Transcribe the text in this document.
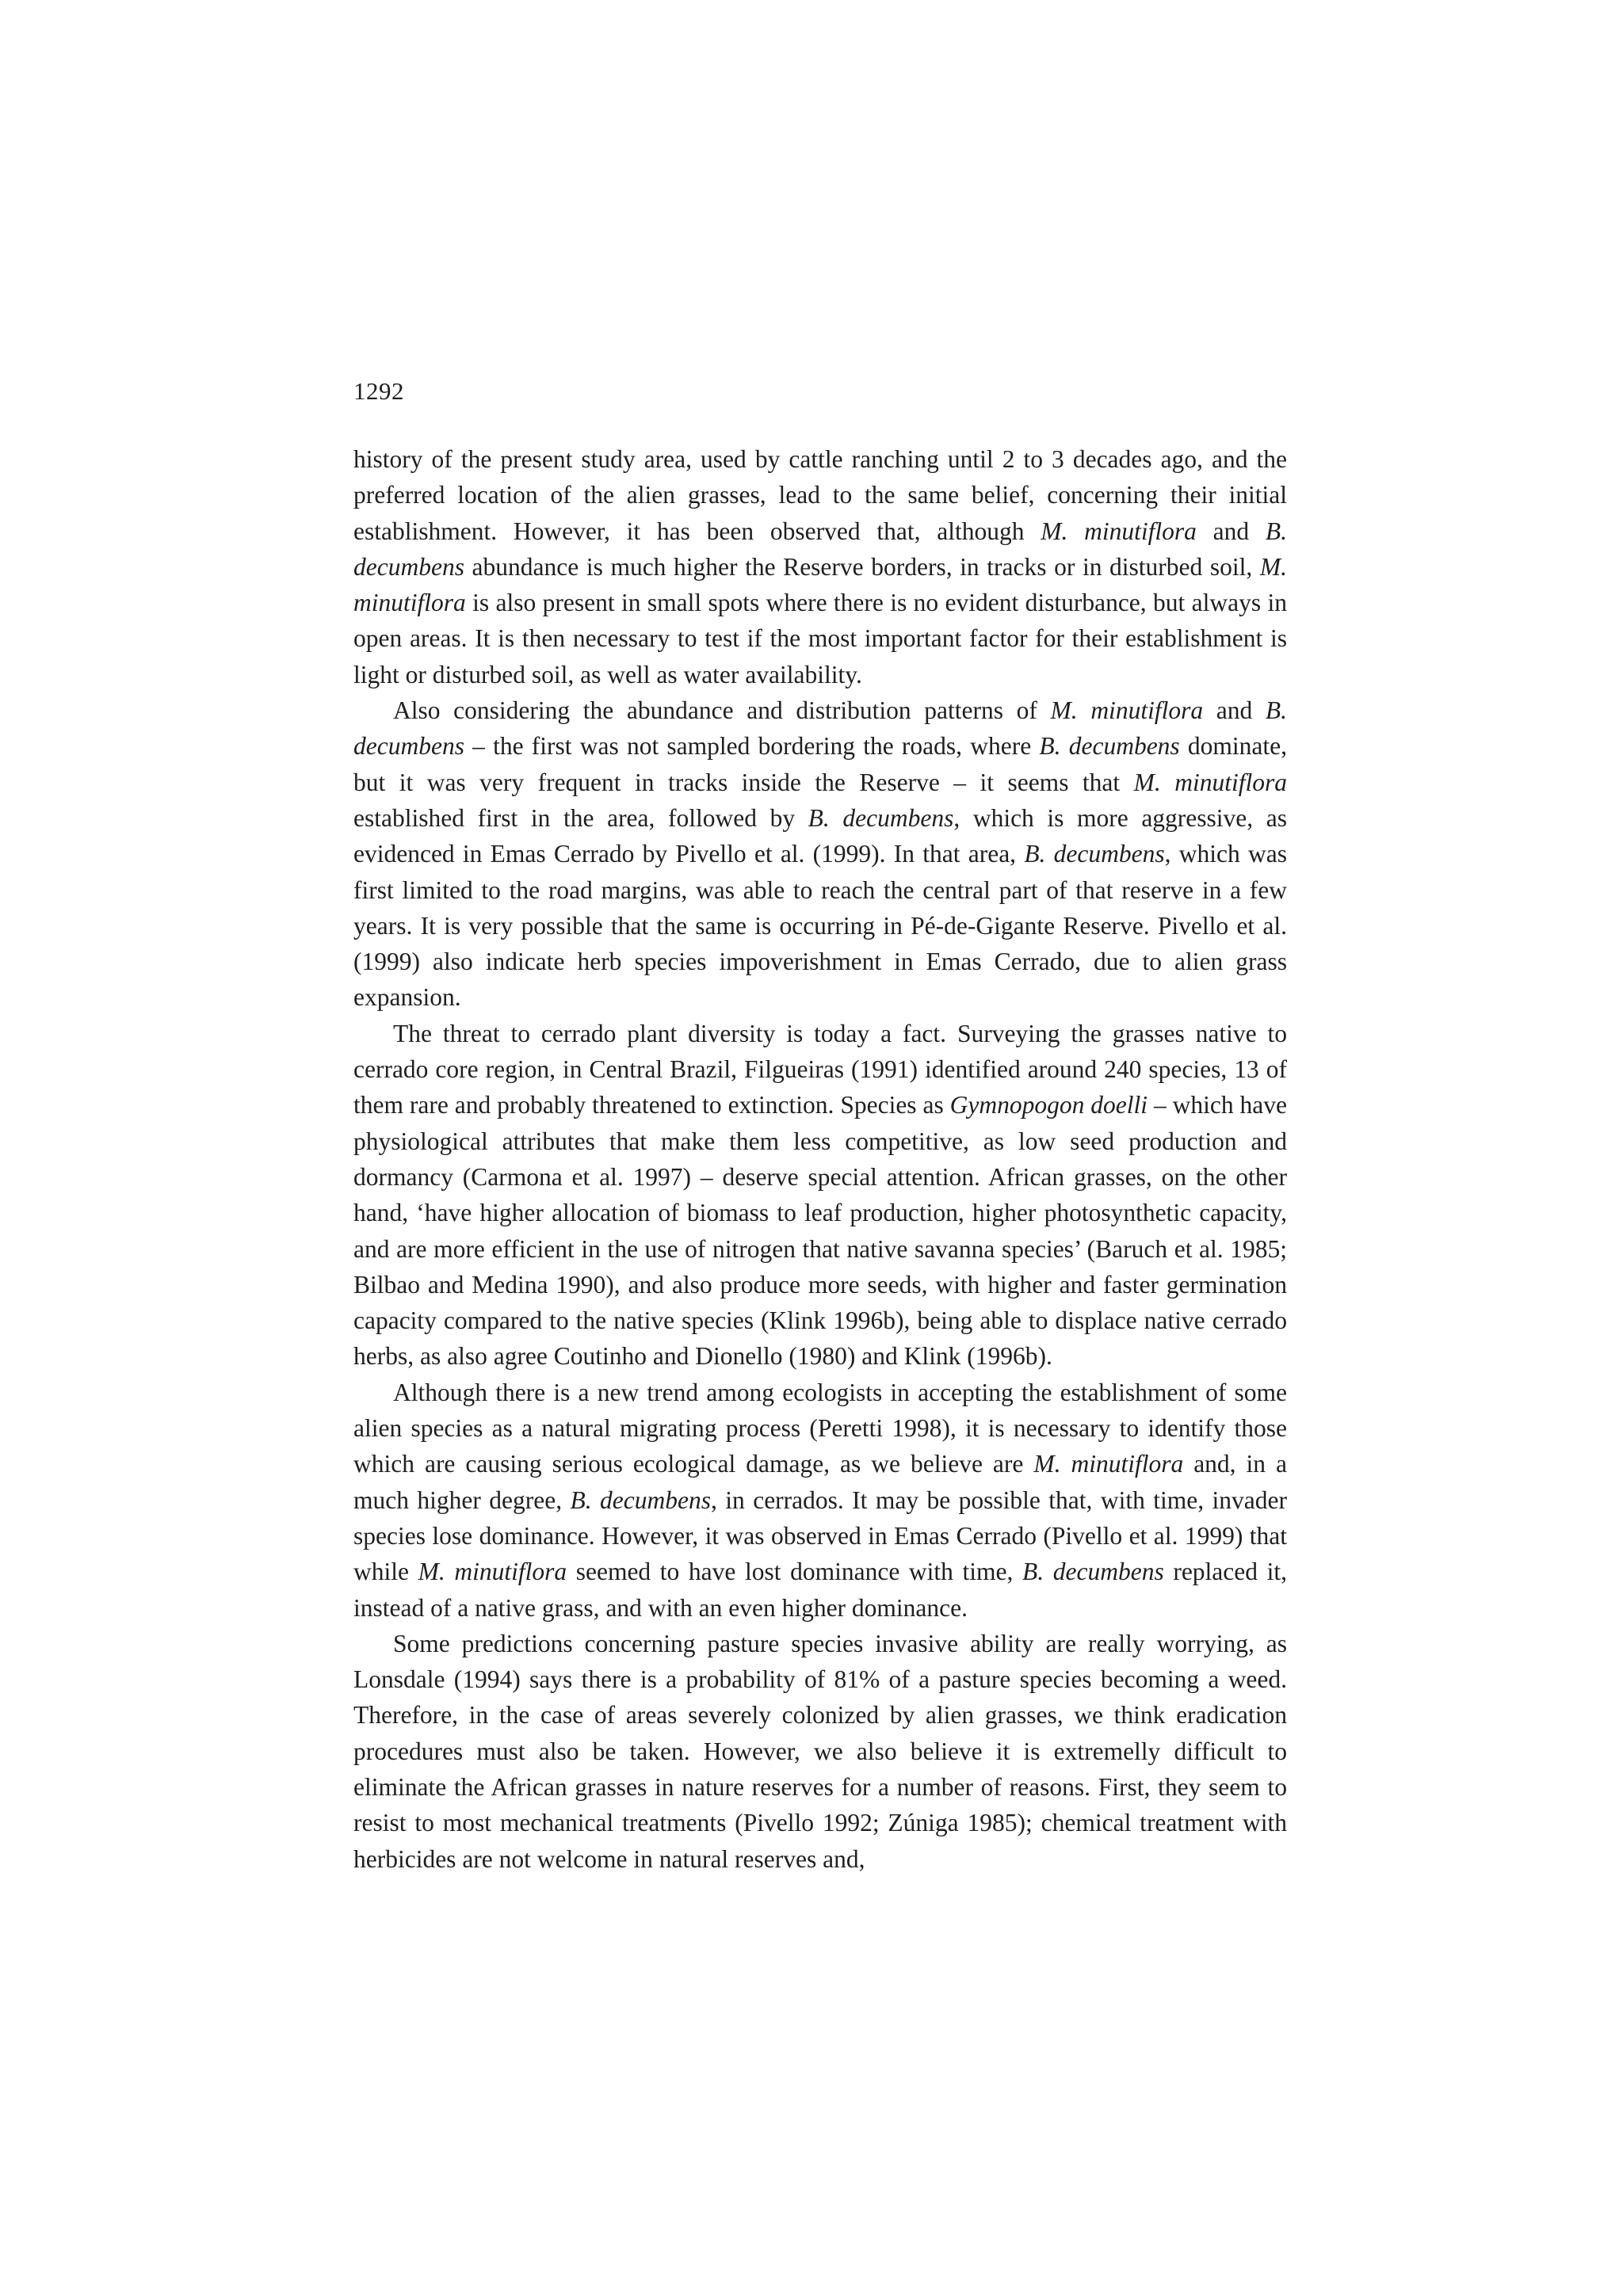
1292

history of the present study area, used by cattle ranching until 2 to 3 decades ago, and the preferred location of the alien grasses, lead to the same belief, concerning their initial establishment. However, it has been observed that, although M. minutiflora and B. decumbens abundance is much higher the Reserve borders, in tracks or in disturbed soil, M. minutiflora is also present in small spots where there is no evident disturbance, but always in open areas. It is then necessary to test if the most important factor for their establishment is light or disturbed soil, as well as water availability.

Also considering the abundance and distribution patterns of M. minutiflora and B. decumbens – the first was not sampled bordering the roads, where B. decumbens dominate, but it was very frequent in tracks inside the Reserve – it seems that M. minutiflora established first in the area, followed by B. decumbens, which is more aggressive, as evidenced in Emas Cerrado by Pivello et al. (1999). In that area, B. decumbens, which was first limited to the road margins, was able to reach the central part of that reserve in a few years. It is very possible that the same is occurring in Pé-de-Gigante Reserve. Pivello et al. (1999) also indicate herb species impoverishment in Emas Cerrado, due to alien grass expansion.

The threat to cerrado plant diversity is today a fact. Surveying the grasses native to cerrado core region, in Central Brazil, Filgueiras (1991) identified around 240 species, 13 of them rare and probably threatened to extinction. Species as Gymnopogon doelli – which have physiological attributes that make them less competitive, as low seed production and dormancy (Carmona et al. 1997) – deserve special attention. African grasses, on the other hand, ‘have higher allocation of biomass to leaf production, higher photosynthetic capacity, and are more efficient in the use of nitrogen that native savanna species’ (Baruch et al. 1985; Bilbao and Medina 1990), and also produce more seeds, with higher and faster germination capacity compared to the native species (Klink 1996b), being able to displace native cerrado herbs, as also agree Coutinho and Dionello (1980) and Klink (1996b).

Although there is a new trend among ecologists in accepting the establishment of some alien species as a natural migrating process (Peretti 1998), it is necessary to identify those which are causing serious ecological damage, as we believe are M. minutiflora and, in a much higher degree, B. decumbens, in cerrados. It may be possible that, with time, invader species lose dominance. However, it was observed in Emas Cerrado (Pivello et al. 1999) that while M. minutiflora seemed to have lost dominance with time, B. decumbens replaced it, instead of a native grass, and with an even higher dominance.

Some predictions concerning pasture species invasive ability are really worrying, as Lonsdale (1994) says there is a probability of 81% of a pasture species becoming a weed. Therefore, in the case of areas severely colonized by alien grasses, we think eradication procedures must also be taken. However, we also believe it is extremelly difficult to eliminate the African grasses in nature reserves for a number of reasons. First, they seem to resist to most mechanical treatments (Pivello 1992; Zúniga 1985); chemical treatment with herbicides are not welcome in natural reserves and,
